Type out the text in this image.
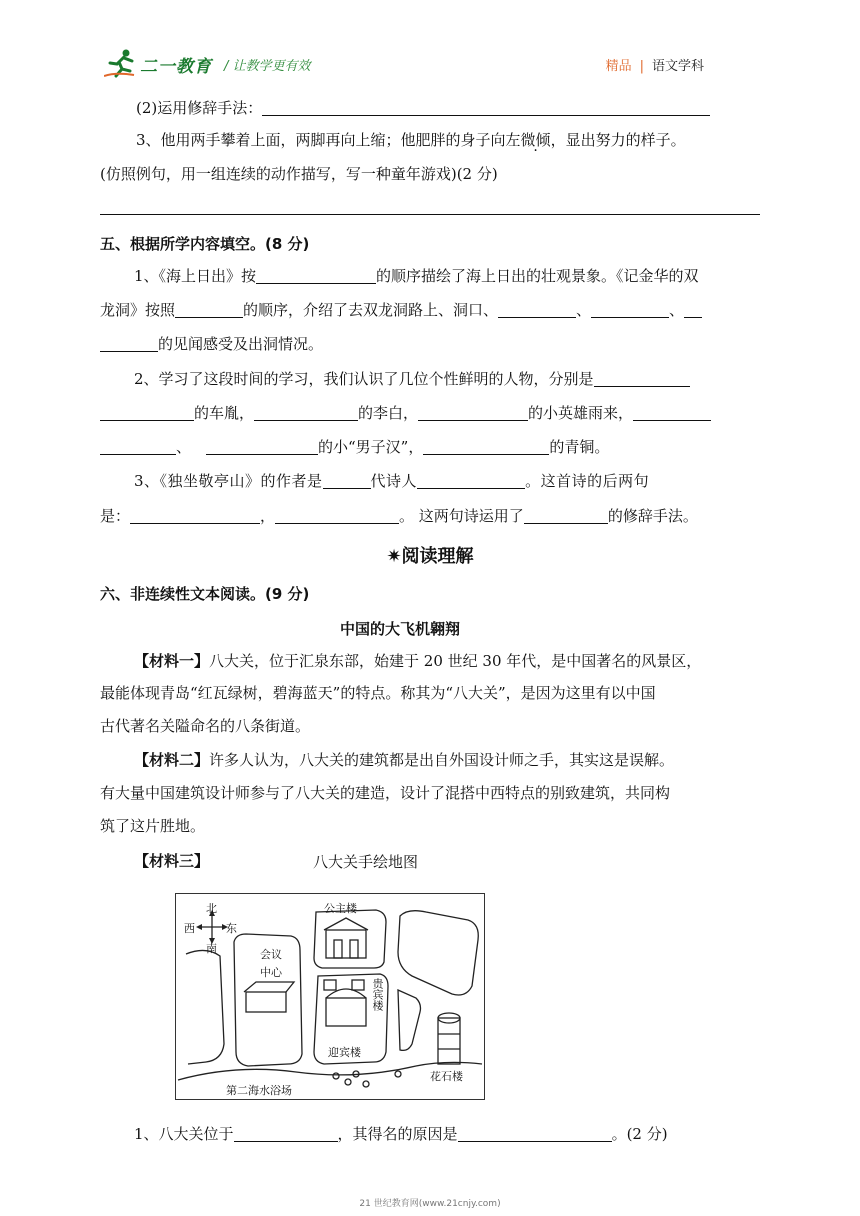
二一教育 / 让教学更有效	精品 | 语文学科
(2)运用修辞手法：
3、他用两手攀着上面，两脚再向上缩；他肥胖的身子向左微倾，显出努力的样子。
(仿照例句，用一组连续的动作描写，写一种童年游戏)(2 分)
五、根据所学内容填空。(8 分)
1、《海上日出》按	的顺序描绘了海上日出的壮观景象。《记金华的双
龙洞》按照	的顺序，介绍了去双龙洞路上、洞口、	、	、
的见闻感受及出洞情况。
2、学习了这段时间的学习，我们认识了几位个性鲜明的人物，分别是
的车胤，	的李白，	的小英雄雨来，
、 	的小“男子汉”，	的青铜。
3、《独坐敬亭山》的作者是	代诗人	。这首诗的后两句
是：	，	。 这两句诗运用了	的修辞手法。
✷阅读理解
六、非连续性文本阅读。(9 分)
中国的大飞机翱翔
【材料一】八大关，位于汇泉东部，始建于 20 世纪 30 年代，是中国著名的风景区，
最能体现青岛“红瓦绿树，碧海蓝天”的特点。称其为“八大关”，是因为这里有以中国
古代著名关隘命名的八条街道。
【材料二】许多人认为，八大关的建筑都是出自外国设计师之手，其实这是误解。
有大量中国建筑设计师参与了八大关的建造，设计了混搭中西特点的别致建筑，共同构
筑了这片胜地。
【材料三】	八大关手绘地图
北
南
西	东
公主楼
会议
中心
贵宾楼
迎宾楼
花石楼
第二海水浴场
1、八大关位于	，其得名的原因是	。(2 分)
21 世纪教育网(www.21cnjy.com)
